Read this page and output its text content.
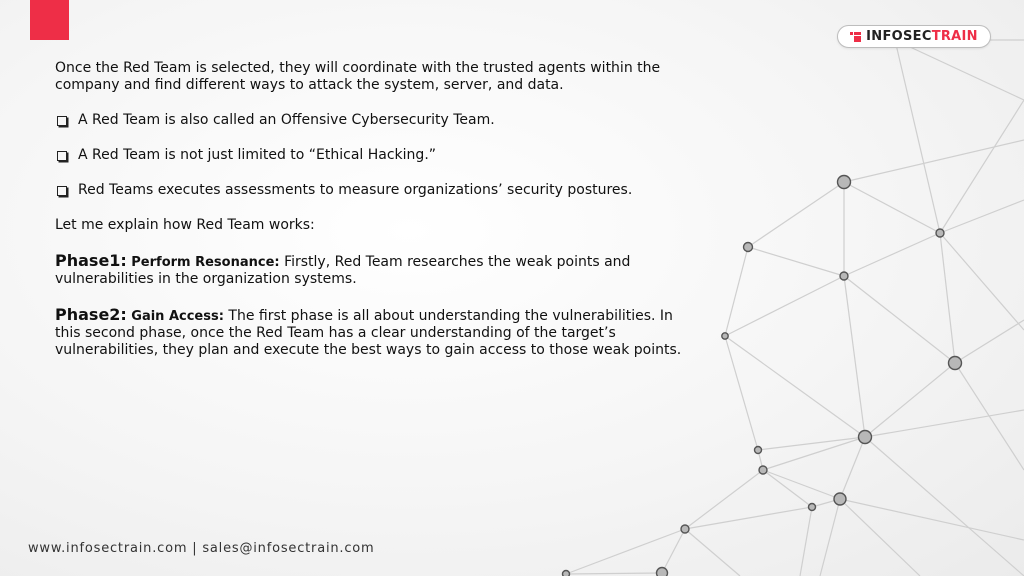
INFOSECTRAIN

Once the Red Team is selected, they will coordinate with the trusted agents within the company and find different ways to attack the system, server, and data.

A Red Team is also called an Offensive Cybersecurity Team.
A Red Team is not just limited to “Ethical Hacking.”
Red Teams executes assessments to measure organizations’ security postures.

Let me explain how Red Team works:

Phase1: Perform Resonance: Firstly, Red Team researches the weak points and vulnerabilities in the organization systems.

Phase2: Gain Access: The first phase is all about understanding the vulnerabilities. In this second phase, once the Red Team has a clear understanding of the target’s vulnerabilities, they plan and execute the best ways to gain access to those weak points.

www.infosectrain.com | sales@infosectrain.com
